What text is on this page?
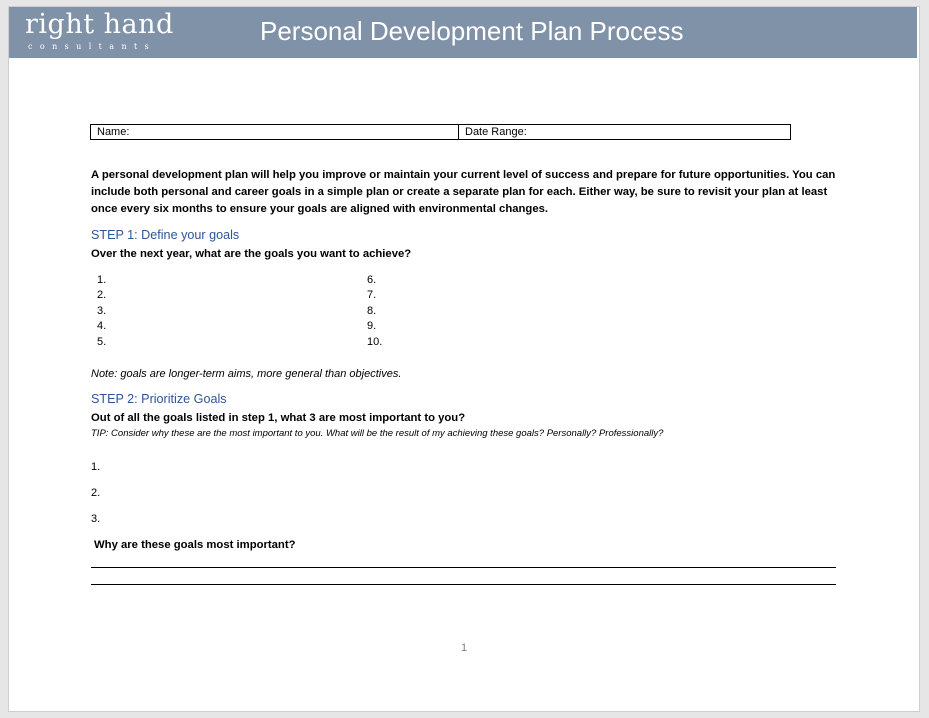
right hand
consultants
Personal Development Plan Process
Name:	Date Range:
A personal development plan will help you improve or maintain your current level of success and prepare for future opportunities. You can include both personal and career goals in a simple plan or create a separate plan for each. Either way, be sure to revisit your plan at least once every six months to ensure your goals are aligned with environmental changes.
STEP 1: Define your goals
Over the next year, what are the goals you want to achieve?
1.
2.
3.
4.
5.
6.
7.
8.
9.
10.
Note: goals are longer-term aims, more general than objectives.
STEP 2: Prioritize Goals
Out of all the goals listed in step 1, what 3 are most important to you?
TIP: Consider why these are the most important to you. What will be the result of my achieving these goals? Personally? Professionally?
1.
2.
3.
Why are these goals most important?
1
